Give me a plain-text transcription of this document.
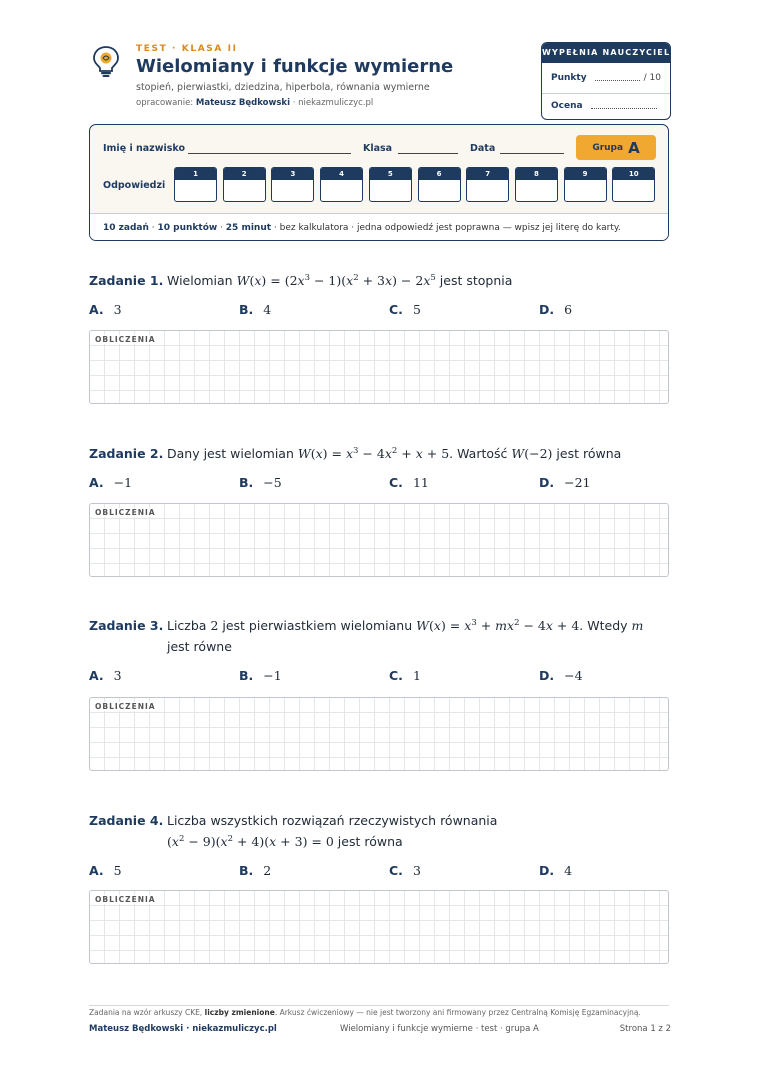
TEST · KLASA II
Wielomiany i funkcje wymierne
stopień, pierwiastki, dziedzina, hiperbola, równania wymierne
opracowanie: Mateusz Będkowski · niekazmuliczyc.pl
WYPEŁNIA NAUCZYCIEL
Punkty	/ 10
Ocena
Imię i nazwisko	Klasa	Data	Grupa A
Odpowiedzi
1	2	3	4	5	6	7	8	9	10
10 zadań · 10 punktów · 25 minut · bez kalkulatora · jedna odpowiedź jest poprawna — wpisz jej literę do karty.
Zadanie 1. Wielomian $W(x) = (2x^3 - 1)(x^2 + 3x) - 2x^5$ jest stopnia
A. 3	B. 4	C. 5	D. 6
OBLICZENIA
Zadanie 2. Dany jest wielomian $W(x) = x^3 - 4x^2 + x + 5$. Wartość W(−2) jest równa
A. −1	B. −5	C. 11	D. −21
OBLICZENIA
Zadanie 3. Liczba 2 jest pierwiastkiem wielomianu $W(x) = x^3 + mx^2 - 4x + 4$. Wtedy m
jest równe
A. 3	B. −1	C. 1	D. −4
OBLICZENIA
Zadanie 4. Liczba wszystkich rozwiązań rzeczywistych równania
$(x^2 - 9)(x^2 + 4)(x + 3) = 0$ jest równa
A. 5	B. 2	C. 3	D. 4
OBLICZENIA
Zadania na wzór arkuszy CKE, liczby zmienione. Arkusz ćwiczeniowy — nie jest tworzony ani firmowany przez Centralną Komisję Egzaminacyjną.
Mateusz Będkowski · niekazmuliczyc.pl	Wielomiany i funkcje wymierne · test · grupa A	Strona 1 z 2
